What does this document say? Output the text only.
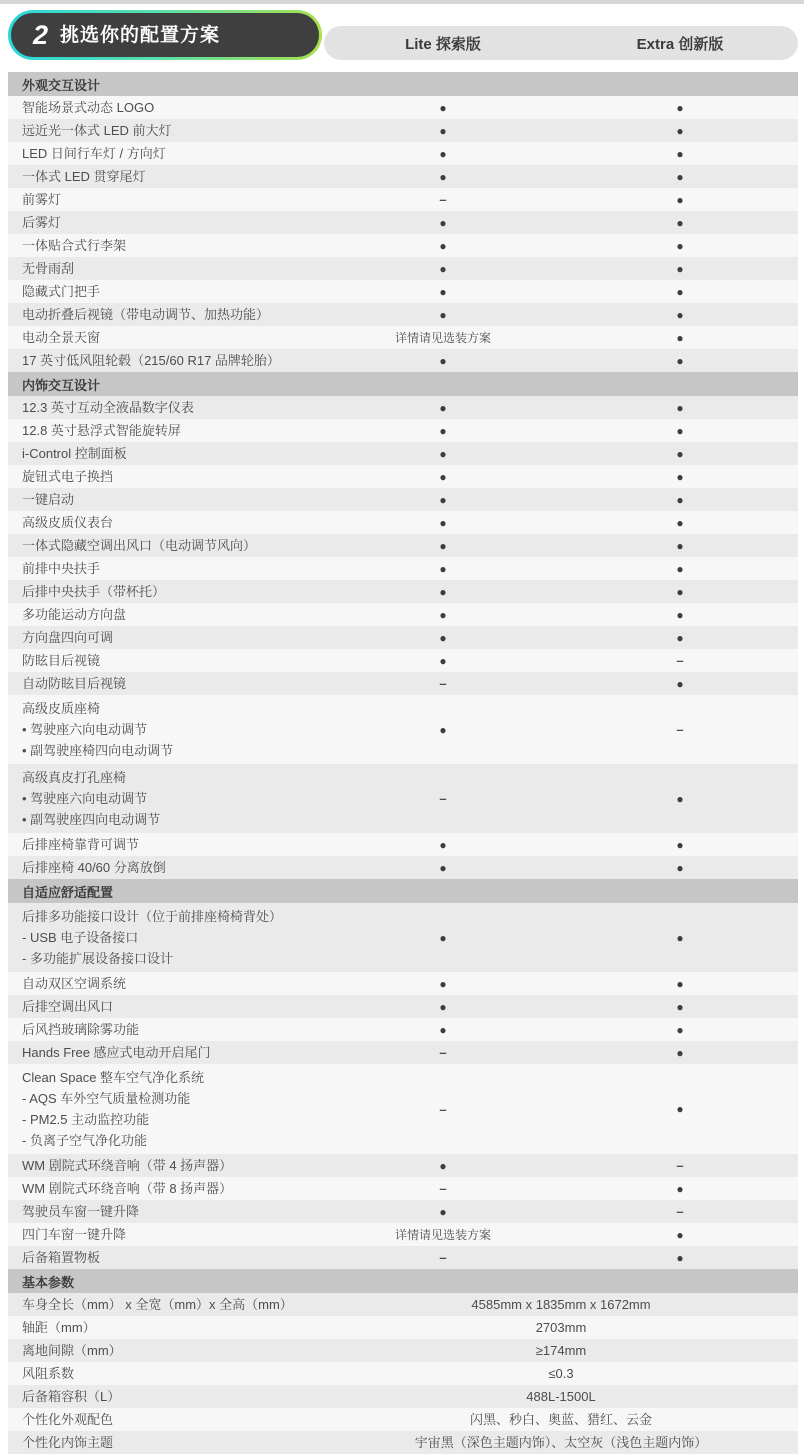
2 挑选你的配置方案	Lite 探索版	Extra 创新版
外观交互设计
智能场景式动态 LOGO	●	●
远近光一体式 LED 前大灯	●	●
LED 日间行车灯 / 方向灯	●	●
一体式 LED 贯穿尾灯	●	●
前雾灯	–	●
后雾灯	●	●
一体贴合式行李架	●	●
无骨雨刮	●	●
隐藏式门把手	●	●
电动折叠后视镜（带电动调节、加热功能）	●	●
电动全景天窗	详情请见选装方案	●
17 英寸低风阻轮毂（215/60 R17 品牌轮胎）	●	●
内饰交互设计
12.3 英寸互动全液晶数字仪表	●	●
12.8 英寸悬浮式智能旋转屏	●	●
i-Control 控制面板	●	●
旋钮式电子换挡	●	●
一键启动	●	●
高级皮质仪表台	●	●
一体式隐藏空调出风口（电动调节风向）	●	●
前排中央扶手	●	●
后排中央扶手（带杯托）	●	●
多功能运动方向盘	●	●
方向盘四向可调	●	●
防眩目后视镜	●	–
自动防眩目后视镜	–	●
高级皮质座椅
• 驾驶座六向电动调节
• 副驾驶座椅四向电动调节
●	–
高级真皮打孔座椅
• 驾驶座六向电动调节
• 副驾驶座四向电动调节
–	●
后排座椅靠背可调节	●	●
后排座椅 40/60 分离放倒	●	●
自适应舒适配置
后排多功能接口设计（位于前排座椅椅背处）
- USB 电子设备接口
- 多功能扩展设备接口设计
●	●
自动双区空调系统	●	●
后排空调出风口	●	●
后风挡玻璃除雾功能	●	●
Hands Free 感应式电动开启尾门	–	●
Clean Space 整车空气净化系统
- AQS 车外空气质量检测功能
- PM2.5 主动监控功能
- 负离子空气净化功能
–	●
WM 剧院式环绕音响（带 4 扬声器）	●	–
WM 剧院式环绕音响（带 8 扬声器）	–	●
驾驶员车窗一键升降	●	–
四门车窗一键升降	详情请见选装方案	●
后备箱置物板	–	●
基本参数
车身全长（mm） x 全宽（mm）x 全高（mm）	4585mm x 1835mm x 1672mm
轴距（mm）	2703mm
离地间隙（mm）	≥174mm
风阻系数	≤0.3
后备箱容积（L）	488L-1500L
个性化外观配色	闪黑、秒白、奥蓝、猎红、云金
个性化内饰主题	宇宙黑（深色主题内饰）、太空灰（浅色主题内饰）
